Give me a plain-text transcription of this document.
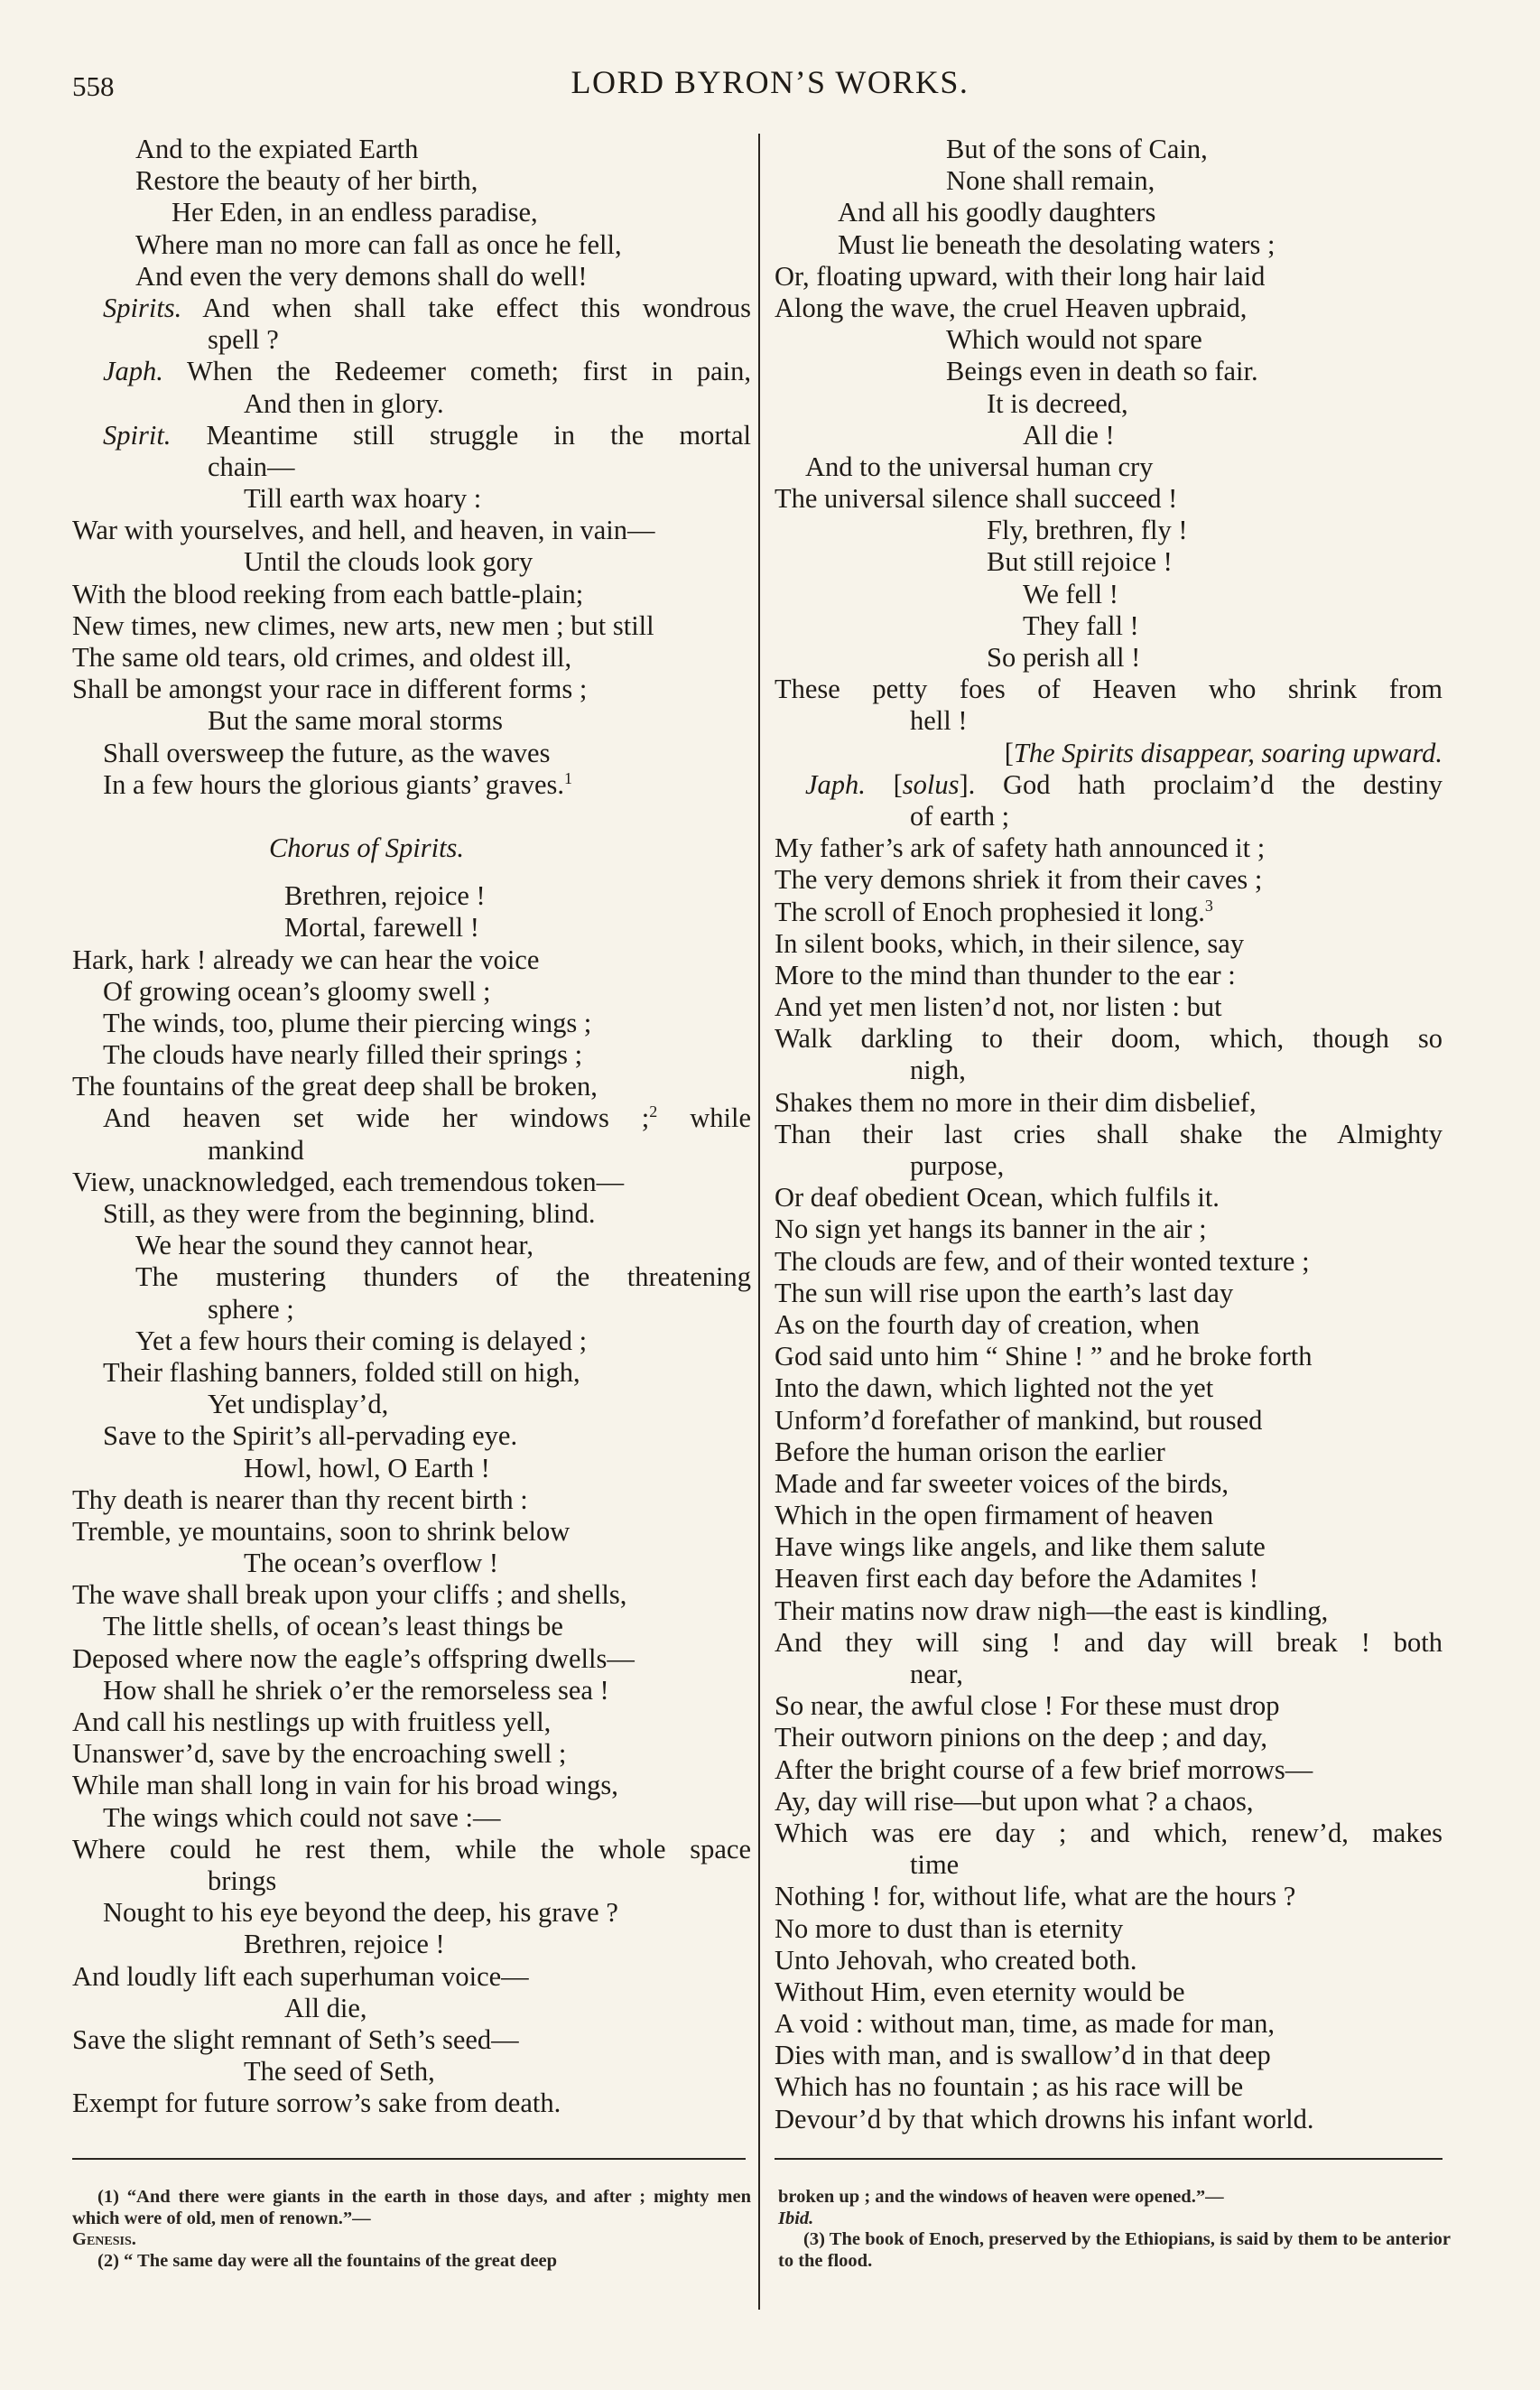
558	LORD BYRON’S WORKS.
And to the expiated Earth
Restore the beauty of her birth,
Her Eden, in an endless paradise,
Where man no more can fall as once he fell,
And even the very demons shall do well!
Spirits. And when shall take effect this wondrous
spell ?
Japh. When the Redeemer cometh; first in pain,
And then in glory.
Spirit. Meantime still struggle in the mortal
chain—
Till earth wax hoary :
War with yourselves, and hell, and heaven, in vain—
Until the clouds look gory
With the blood reeking from each battle-plain;
New times, new climes, new arts, new men ; but still
The same old tears, old crimes, and oldest ill,
Shall be amongst your race in different forms ;
But the same moral storms
Shall oversweep the future, as the waves
In a few hours the glorious giants’ graves.$^1$
Chorus of Spirits.
Brethren, rejoice !
Mortal, farewell !
Hark, hark ! already we can hear the voice
Of growing ocean’s gloomy swell ;
The winds, too, plume their piercing wings ;
The clouds have nearly filled their springs ;
The fountains of the great deep shall be broken,
And heaven set wide her windows ;$^2$ while
mankind
View, unacknowledged, each tremendous token—
Still, as they were from the beginning, blind.
We hear the sound they cannot hear,
The mustering thunders of the threatening
sphere ;
Yet a few hours their coming is delayed ;
Their flashing banners, folded still on high,
Yet undisplay’d,
Save to the Spirit’s all-pervading eye.
Howl, howl, O Earth !
Thy death is nearer than thy recent birth :
Tremble, ye mountains, soon to shrink below
The ocean’s overflow !
The wave shall break upon your cliffs ; and shells,
The little shells, of ocean’s least things be
Deposed where now the eagle’s offspring dwells—
How shall he shriek o’er the remorseless sea !
And call his nestlings up with fruitless yell,
Unanswer’d, save by the encroaching swell ;
While man shall long in vain for his broad wings,
The wings which could not save :—
Where could he rest them, while the whole space
brings
Nought to his eye beyond the deep, his grave ?
Brethren, rejoice !
And loudly lift each superhuman voice—
All die,
Save the slight remnant of Seth’s seed—
The seed of Seth,
Exempt for future sorrow’s sake from death.
But of the sons of Cain,
None shall remain,
And all his goodly daughters
Must lie beneath the desolating waters ;
Or, floating upward, with their long hair laid
Along the wave, the cruel Heaven upbraid,
Which would not spare
Beings even in death so fair.
It is decreed,
All die !
And to the universal human cry
The universal silence shall succeed !
Fly, brethren, fly !
But still rejoice !
We fell !
They fall !
So perish all !
These petty foes of Heaven who shrink from
hell !
[The Spirits disappear, soaring upward.
Japh. [solus]. God hath proclaim’d the destiny
of earth ;
My father’s ark of safety hath announced it ;
The very demons shriek it from their caves ;
The scroll of Enoch prophesied it long.$^3$
In silent books, which, in their silence, say
More to the mind than thunder to the ear :
And yet men listen’d not, nor listen : but
Walk darkling to their doom, which, though so
nigh,
Shakes them no more in their dim disbelief,
Than their last cries shall shake the Almighty
purpose,
Or deaf obedient Ocean, which fulfils it.
No sign yet hangs its banner in the air ;
The clouds are few, and of their wonted texture ;
The sun will rise upon the earth’s last day
As on the fourth day of creation, when
God said unto him “ Shine ! ” and he broke forth
Into the dawn, which lighted not the yet
Unform’d forefather of mankind, but roused
Before the human orison the earlier
Made and far sweeter voices of the birds,
Which in the open firmament of heaven
Have wings like angels, and like them salute
Heaven first each day before the Adamites !
Their matins now draw nigh—the east is kindling,
And they will sing ! and day will break ! both
near,
So near, the awful close ! For these must drop
Their outworn pinions on the deep ; and day,
After the bright course of a few brief morrows—
Ay, day will rise—but upon what ? a chaos,
Which was ere day ; and which, renew’d, makes
time
Nothing ! for, without life, what are the hours ?
No more to dust than is eternity
Unto Jehovah, who created both.
Without Him, even eternity would be
A void : without man, time, as made for man,
Dies with man, and is swallow’d in that deep
Which has no fountain ; as his race will be
Devour’d by that which drowns his infant world.

(1) “And there were giants in the earth in those days, and after ; mighty men which were of old, men of renown.”—

Genesis.

(2) “ The same day were all the fountains of the great deep

broken up ; and the windows of heaven were opened.”—

Ibid.

(3) The book of Enoch, preserved by the Ethiopians, is said by them to be anterior to the flood.
